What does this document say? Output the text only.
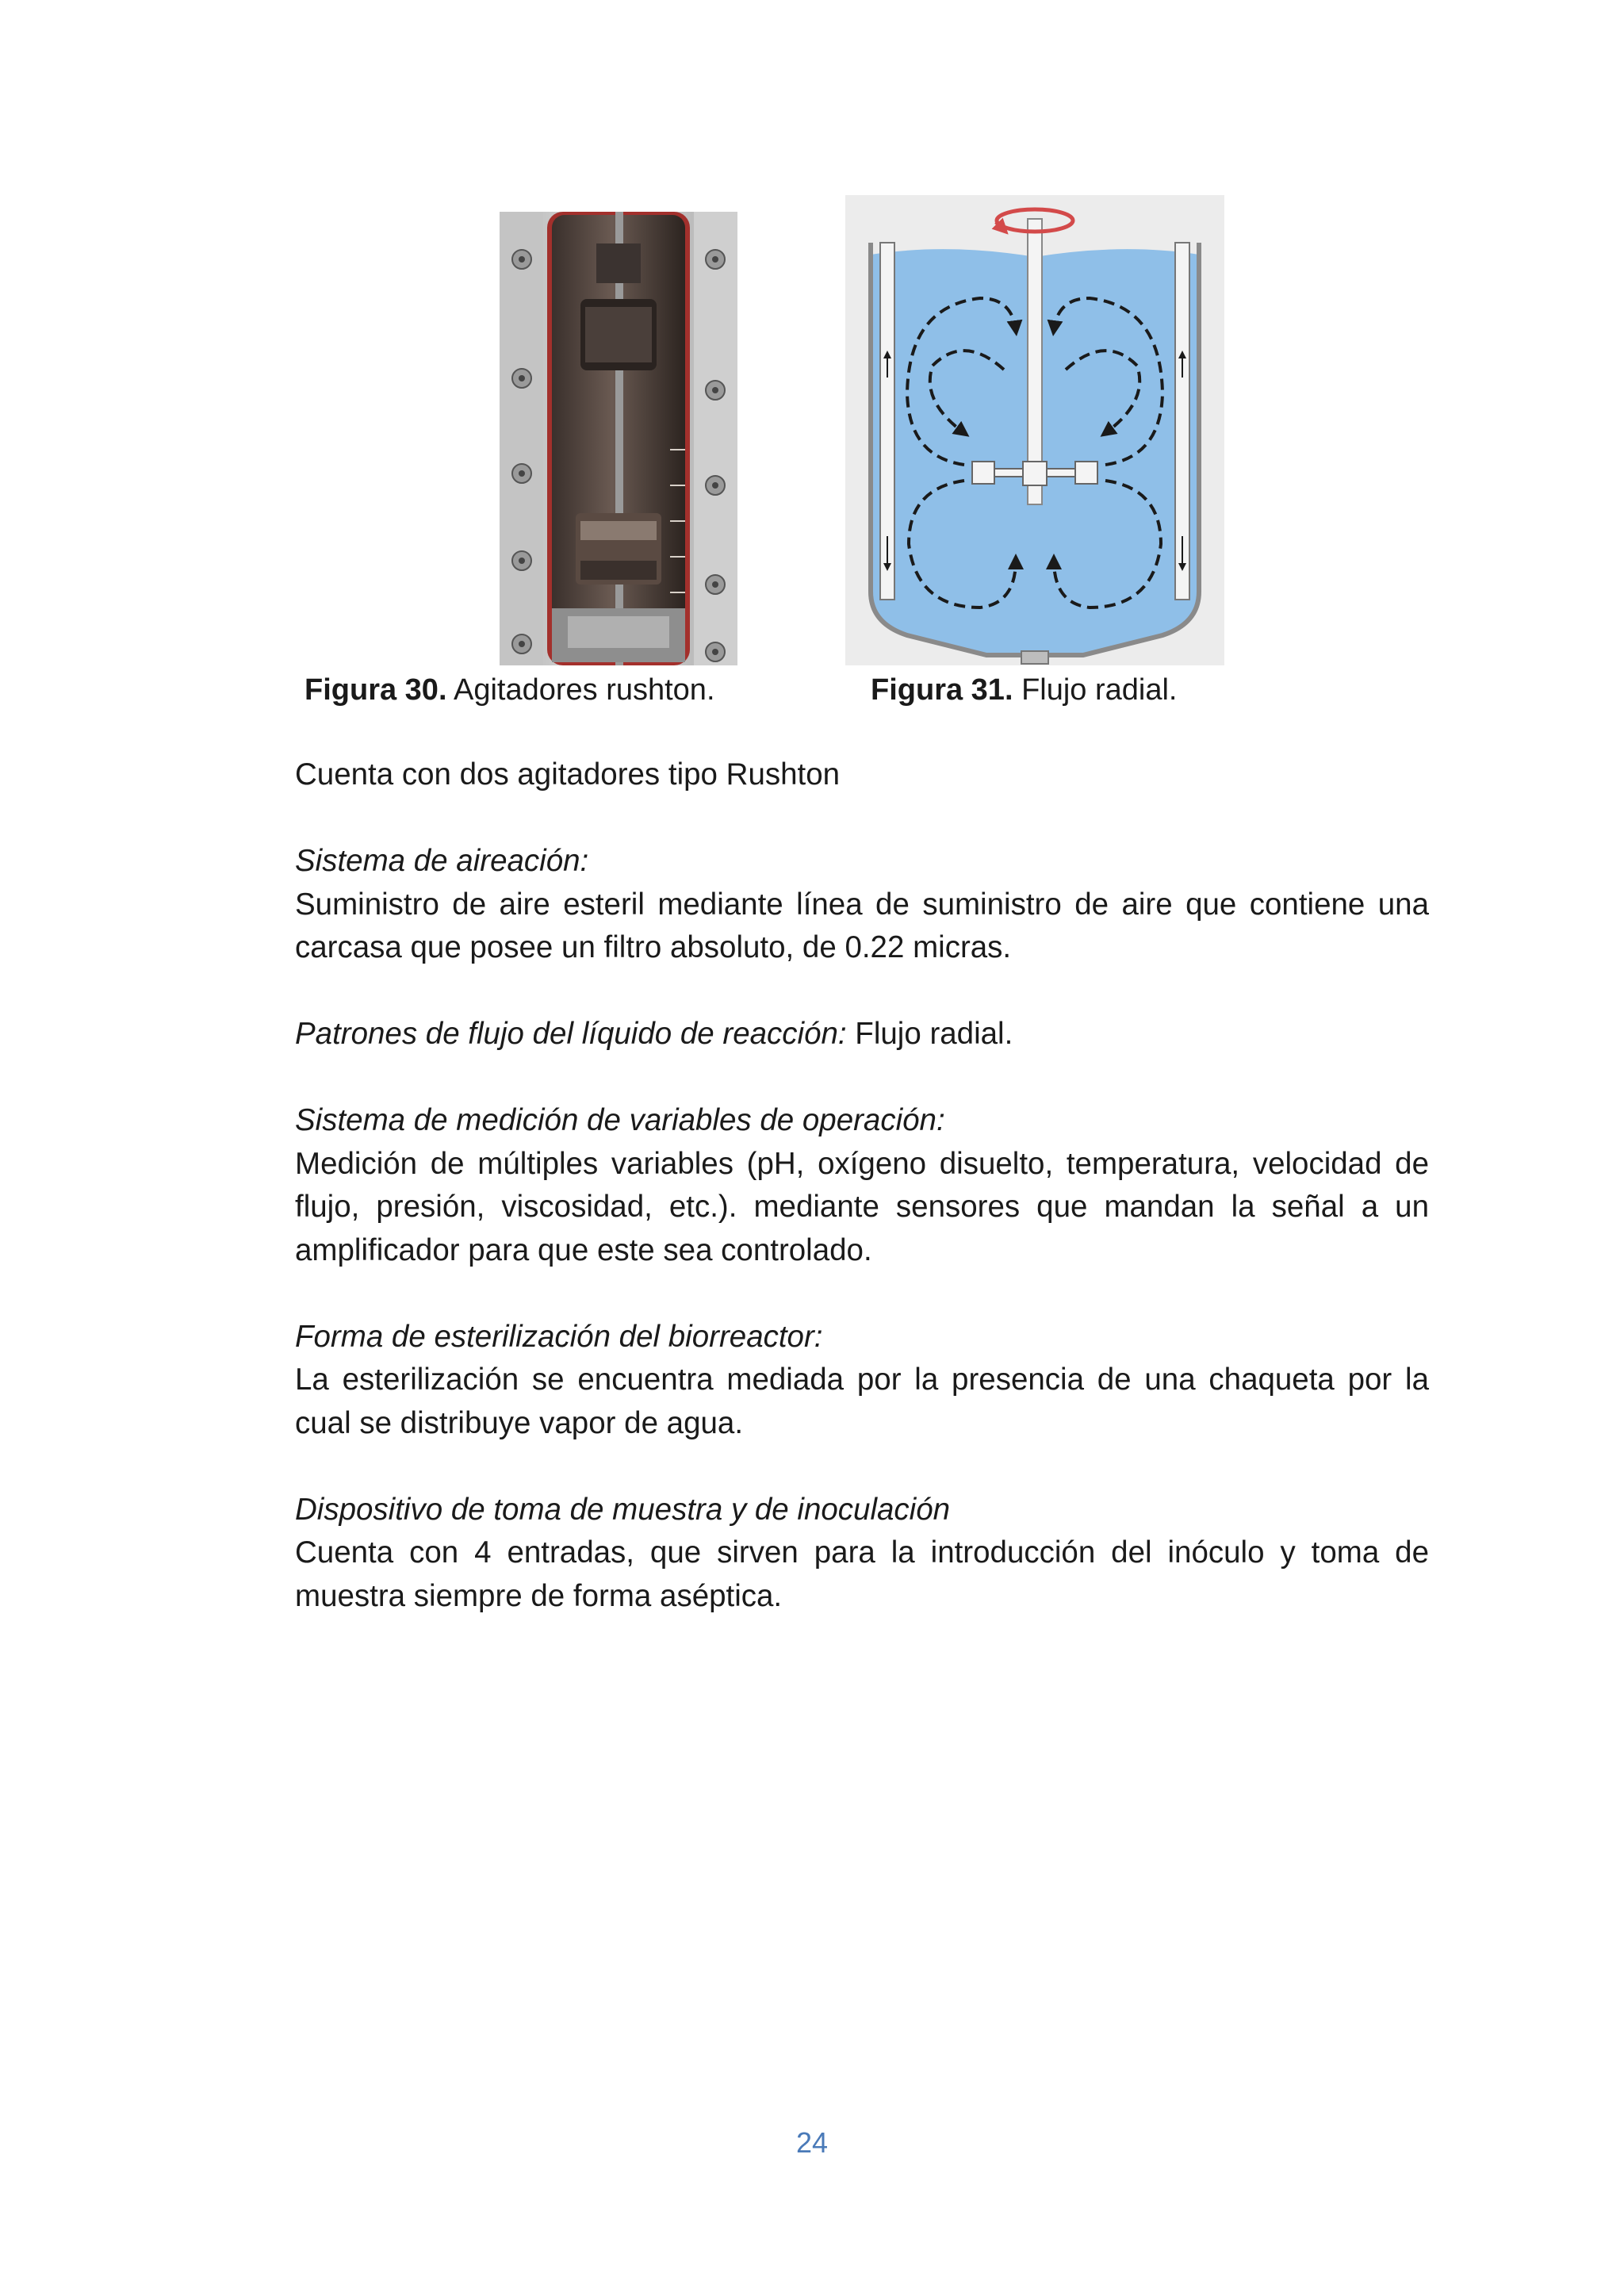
Figura 30. Agitadores rushton.	Figura 31. Flujo radial.

Cuenta con dos agitadores tipo Rushton

Sistema de aireación:

Suministro de aire esteril mediante línea de suministro de aire que contiene una carcasa que posee un filtro absoluto, de 0.22 micras.

Patrones de flujo del líquido de reacción: Flujo radial.

Sistema de medición de variables de operación:

Medición de múltiples variables (pH, oxígeno disuelto, temperatura, velocidad de flujo, presión, viscosidad, etc.). mediante sensores que mandan la señal a un amplificador para que este sea controlado.

Forma de esterilización del biorreactor:

La esterilización se encuentra mediada por la presencia de una chaqueta por la cual se distribuye vapor de agua.

Dispositivo de toma de muestra y de inoculación

Cuenta con 4 entradas, que sirven para la introducción del inóculo y toma de muestra siempre de forma aséptica.

24
